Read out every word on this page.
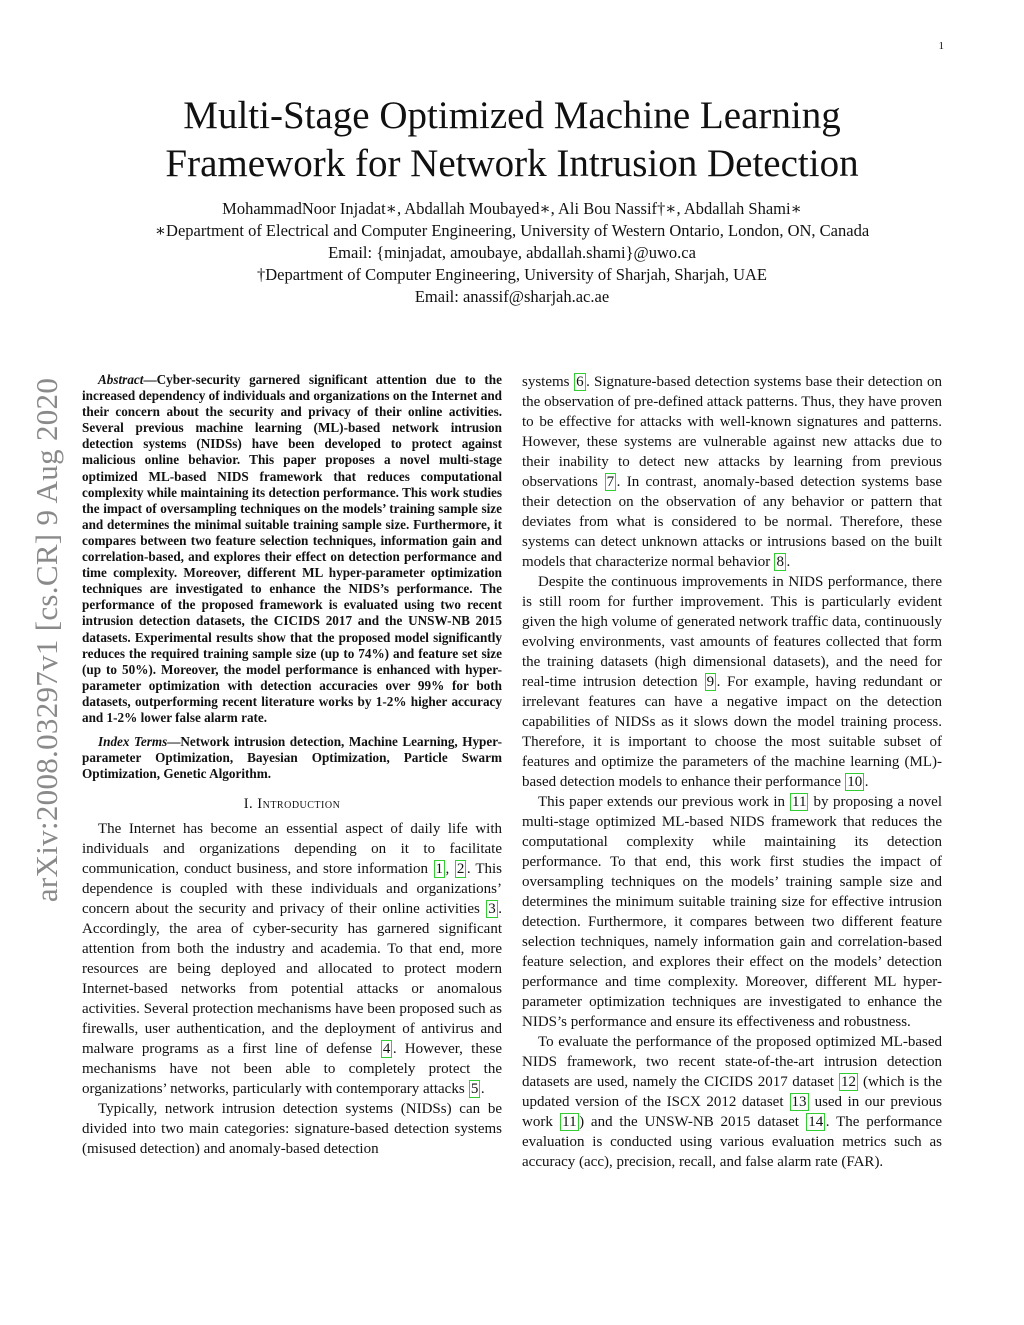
1
arXiv:2008.03297v1 [cs.CR] 9 Aug 2020
Multi-Stage Optimized Machine Learning
Framework for Network Intrusion Detection
MohammadNoor Injadat∗, Abdallah Moubayed∗, Ali Bou Nassif†∗, Abdallah Shami∗
∗Department of Electrical and Computer Engineering, University of Western Ontario, London, ON, Canada
Email: {minjadat, amoubaye, abdallah.shami}@uwo.ca
†Department of Computer Engineering, University of Sharjah, Sharjah, UAE
Email: anassif@sharjah.ac.ae

Abstract—Cyber-security garnered significant attention due to the increased dependency of individuals and organizations on the Internet and their concern about the security and privacy of their online activities. Several previous machine learning (ML)-based network intrusion detection systems (NIDSs) have been developed to protect against malicious online behavior. This paper proposes a novel multi-stage optimized ML-based NIDS framework that reduces computational complexity while maintaining its detection performance. This work studies the impact of oversampling techniques on the models’ training sample size and determines the minimal suitable training sample size. Furthermore, it compares between two feature selection techniques, information gain and correlation-based, and explores their effect on detection performance and time complexity. Moreover, different ML hyper-parameter optimization techniques are investigated to enhance the NIDS’s performance. The performance of the proposed framework is evaluated using two recent intrusion detection datasets, the CICIDS 2017 and the UNSW-NB 2015 datasets. Experimental results show that the proposed model significantly reduces the required training sample size (up to 74%) and feature set size (up to 50%). Moreover, the model performance is enhanced with hyper-parameter optimization with detection accuracies over 99% for both datasets, outperforming recent literature works by 1-2% higher accuracy and 1-2% lower false alarm rate.

Index Terms—Network intrusion detection, Machine Learning, Hyper-parameter Optimization, Bayesian Optimization, Particle Swarm Optimization, Genetic Algorithm.

I. Introduction

The Internet has become an essential aspect of daily life with individuals and organizations depending on it to facilitate communication, conduct business, and store information 1 , 2 . This dependence is coupled with these individuals and organizations’ concern about the security and privacy of their online activities 3 . Accordingly, the area of cyber-security has garnered significant attention from both the industry and academia. To that end, more resources are being deployed and allocated to protect modern Internet-based networks from potential attacks or anomalous activities. Several protection mechanisms have been proposed such as firewalls, user authentication, and the deployment of antivirus and malware programs as a first line of defense 4 . However, these mechanisms have not been able to completely protect the organizations’ networks, particularly with contemporary attacks 5 .

Typically, network intrusion detection systems (NIDSs) can be divided into two main categories: signature-based detection systems (misused detection) and anomaly-based detection

systems 6 . Signature-based detection systems base their detection on the observation of pre-defined attack patterns. Thus, they have proven to be effective for attacks with well-known signatures and patterns. However, these systems are vulnerable against new attacks due to their inability to detect new attacks by learning from previous observations 7 . In contrast, anomaly-based detection systems base their detection on the observation of any behavior or pattern that deviates from what is considered to be normal. Therefore, these systems can detect unknown attacks or intrusions based on the built models that characterize normal behavior 8 .

Despite the continuous improvements in NIDS performance, there is still room for further improvement. This is particularly evident given the high volume of generated network traffic data, continuously evolving environments, vast amounts of features collected that form the training datasets (high dimensional datasets), and the need for real-time intrusion detection 9 . For example, having redundant or irrelevant features can have a negative impact on the detection capabilities of NIDSs as it slows down the model training process. Therefore, it is important to choose the most suitable subset of features and optimize the parameters of the machine learning (ML)-based detection models to enhance their performance 10 .

This paper extends our previous work in 11 by proposing a novel multi-stage optimized ML-based NIDS framework that reduces the computational complexity while maintaining its detection performance. To that end, this work first studies the impact of oversampling techniques on the models’ training sample size and determines the minimum suitable training size for effective intrusion detection. Furthermore, it compares between two different feature selection techniques, namely information gain and correlation-based feature selection, and explores their effect on the models’ detection performance and time complexity. Moreover, different ML hyper-parameter optimization techniques are investigated to enhance the NIDS’s performance and ensure its effectiveness and robustness.

To evaluate the performance of the proposed optimized ML-based NIDS framework, two recent state-of-the-art intrusion detection datasets are used, namely the CICIDS 2017 dataset 12 (which is the updated version of the ISCX 2012 dataset 13 used in our previous work 11 ) and the UNSW-NB 2015 dataset 14 . The performance evaluation is conducted using various evaluation metrics such as accuracy (acc), precision, recall, and false alarm rate (FAR).
